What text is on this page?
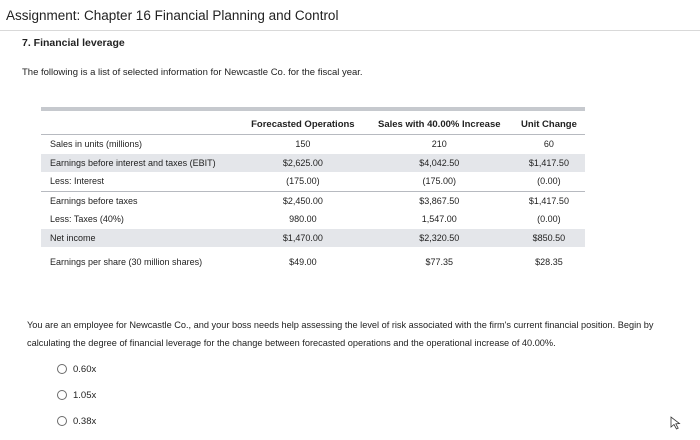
Assignment: Chapter 16 Financial Planning and Control
7. Financial leverage
The following is a list of selected information for Newcastle Co. for the fiscal year.
	Forecasted Operations	Sales with 40.00% Increase	Unit Change
Sales in units (millions)	150	210	60
Earnings before interest and taxes (EBIT)	$2,625.00	$4,042.50	$1,417.50
Less: Interest	(175.00)	(175.00)	(0.00)
Earnings before taxes	$2,450.00	$3,867.50	$1,417.50
Less: Taxes (40%)	980.00	1,547.00	(0.00)
Net income	$1,470.00	$2,320.50	$850.50
Earnings per share (30 million shares)	$49.00	$77.35	$28.35
You are an employee for Newcastle Co., and your boss needs help assessing the level of risk associated with the firm's current financial position. Begin by calculating the degree of financial leverage for the change between forecasted operations and the operational increase of 40.00%.
0.60x
1.05x
0.38x
